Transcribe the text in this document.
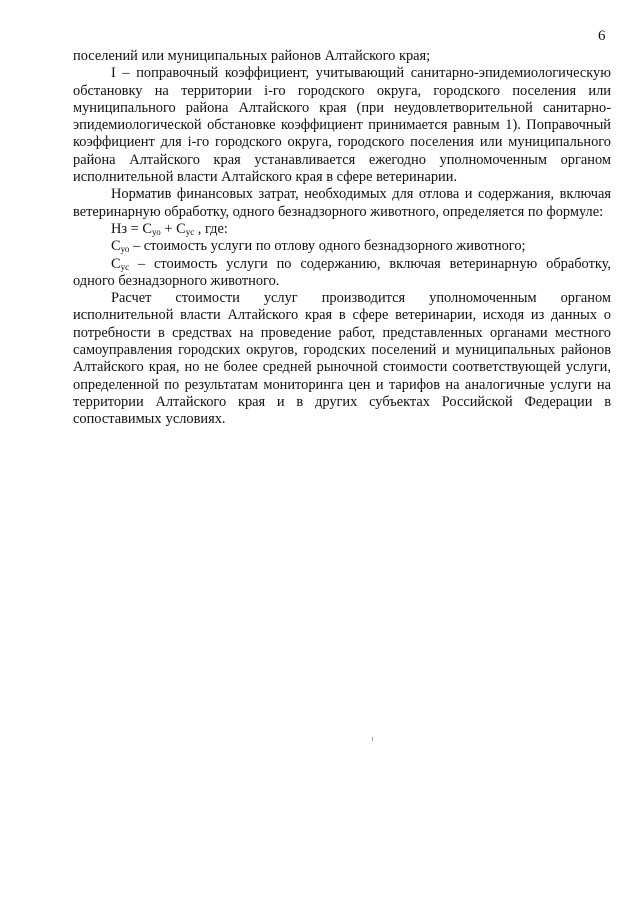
6

поселений или муниципальных районов Алтайского края;

I – поправочный коэффициент, учитывающий санитарно-эпидемиологическую обстановку на территории i-го городского округа, городского поселения или муниципального района Алтайского края (при неудовлетворительной санитарно-эпидемиологической обстановке коэффициент принимается равным 1). Поправочный коэффициент для i-го городского округа, городского поселения или муниципального района Алтайского края устанавливается ежегодно уполномоченным органом исполнительной власти Алтайского края в сфере ветеринарии.

Норматив финансовых затрат, необходимых для отлова и содержания, включая ветеринарную обработку, одного безнадзорного животного, определяется по формуле:

Нз = $С_{уо} + С_{ус}$ , где:

$С_{уо}$ – стоимость услуги по отлову одного безнадзорного животного;

$С_{ус}$ – стоимость услуги по содержанию, включая ветеринарную обработку, одного безнадзорного животного.

Расчет стоимости услуг производится уполномоченным органом исполнительной власти Алтайского края в сфере ветеринарии, исходя из данных о потребности в средствах на проведение работ, представленных органами местного самоуправления городских округов, городских поселений и муниципальных районов Алтайского края, но не более средней рыночной стоимости соответствующей услуги, определенной по результатам мониторинга цен и тарифов на аналогичные услуги на территории Алтайского края и в других субъектах Российской Федерации в сопоставимых условиях.
